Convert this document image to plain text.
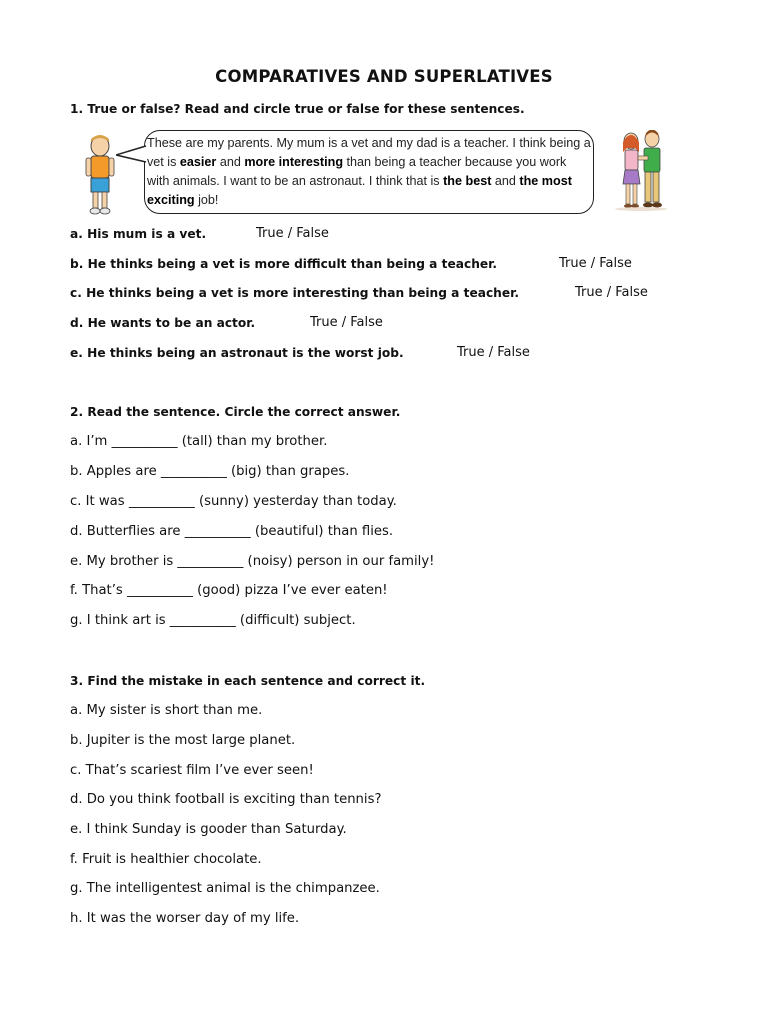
COMPARATIVES AND SUPERLATIVES
1. True or false? Read and circle true or false for these sentences.
These are my parents. My mum is a vet and my dad is a teacher. I think being a vet is easier and more interesting than being a teacher because you work with animals. I want to be an astronaut. I think that is the best and the most exciting job!
a. His mum is a vet.	True / False
b. He thinks being a vet is more difficult than being a teacher.	True / False
c. He thinks being a vet is more interesting than being a teacher.	True / False
d. He wants to be an actor.	True / False
e. He thinks being an astronaut is the worst job.	True / False
2. Read the sentence. Circle the correct answer.
a. I’m __________ (tall) than my brother.
b. Apples are __________ (big) than grapes.
c. It was __________ (sunny) yesterday than today.
d. Butterflies are __________ (beautiful) than flies.
e. My brother is __________ (noisy) person in our family!
f. That’s __________ (good) pizza I’ve ever eaten!
g. I think art is __________ (difficult) subject.
3. Find the mistake in each sentence and correct it.
a. My sister is short than me.
b. Jupiter is the most large planet.
c. That’s scariest film I’ve ever seen!
d. Do you think football is exciting than tennis?
e. I think Sunday is gooder than Saturday.
f. Fruit is healthier chocolate.
g. The intelligentest animal is the chimpanzee.
h. It was the worser day of my life.
